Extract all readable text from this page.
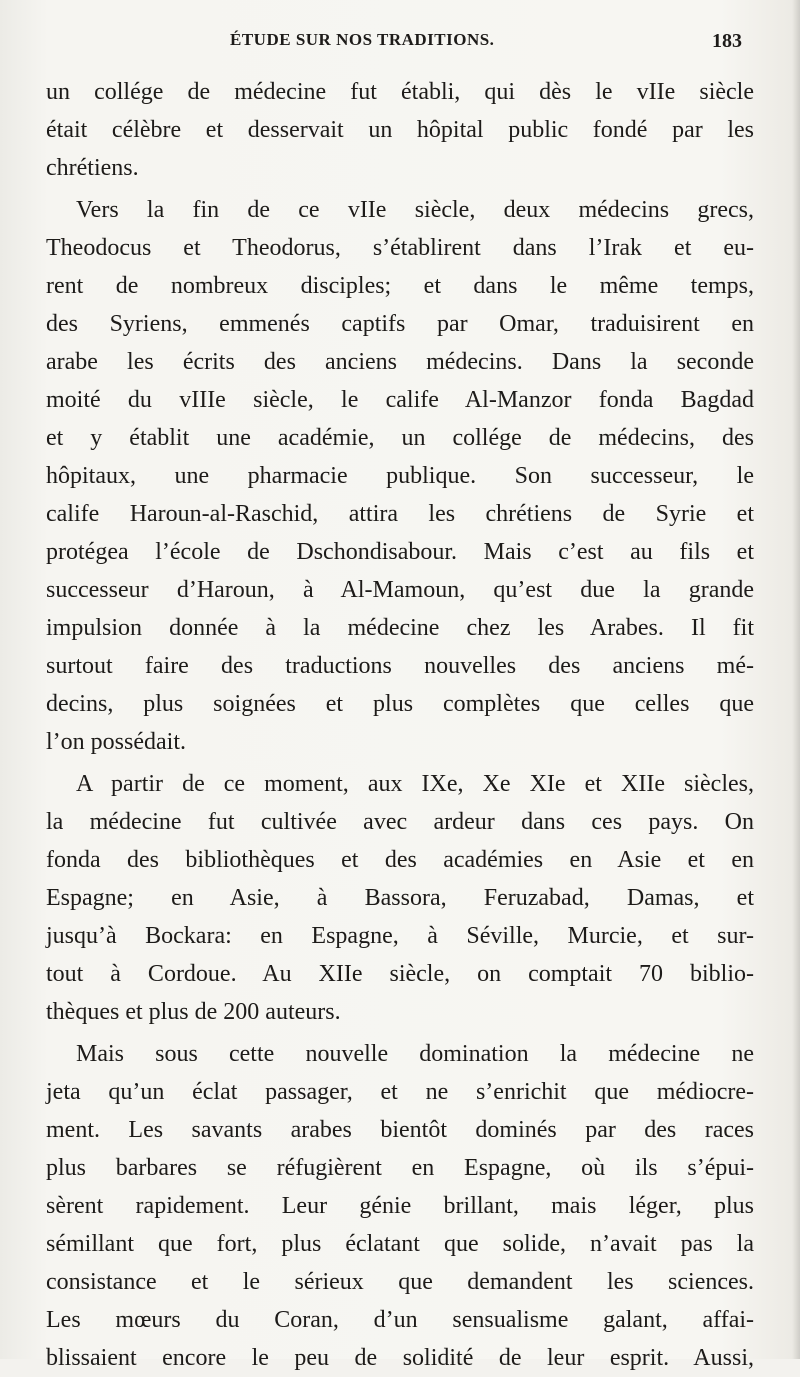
ÉTUDE SUR NOS TRADITIONS.	183
un collége de médecine fut établi, qui dès le vIIe siècle
était célèbre et desservait un hôpital public fondé par les
chrétiens.
Vers la fin de ce vIIe siècle, deux médecins grecs,
Theodocus et Theodorus, s’établirent dans l’Irak et eu-
rent de nombreux disciples; et dans le même temps,
des Syriens, emmenés captifs par Omar, traduisirent en
arabe les écrits des anciens médecins. Dans la seconde
moité du vIIIe siècle, le calife Al-Manzor fonda Bagdad
et y établit une académie, un collége de médecins, des
hôpitaux, une pharmacie publique. Son successeur, le
calife Haroun-al-Raschid, attira les chrétiens de Syrie et
protégea l’école de Dschondisabour. Mais c’est au fils et
successeur d’Haroun, à Al-Mamoun, qu’est due la grande
impulsion donnée à la médecine chez les Arabes. Il fit
surtout faire des traductions nouvelles des anciens mé-
decins, plus soignées et plus complètes que celles que
l’on possédait.
A partir de ce moment, aux IXe, Xe XIe et XIIe siècles,
la médecine fut cultivée avec ardeur dans ces pays. On
fonda des bibliothèques et des académies en Asie et en
Espagne; en Asie, à Bassora, Feruzabad, Damas, et
jusqu’à Bockara: en Espagne, à Séville, Murcie, et sur-
tout à Cordoue. Au XIIe siècle, on comptait 70 biblio-
thèques et plus de 200 auteurs.
Mais sous cette nouvelle domination la médecine ne
jeta qu’un éclat passager, et ne s’enrichit que médiocre-
ment. Les savants arabes bientôt dominés par des races
plus barbares se réfugièrent en Espagne, où ils s’épui-
sèrent rapidement. Leur génie brillant, mais léger, plus
sémillant que fort, plus éclatant que solide, n’avait pas la
consistance et le sérieux que demandent les sciences.
Les mœurs du Coran, d’un sensualisme galant, affai-
blissaient encore le peu de solidité de leur esprit. Aussi,
